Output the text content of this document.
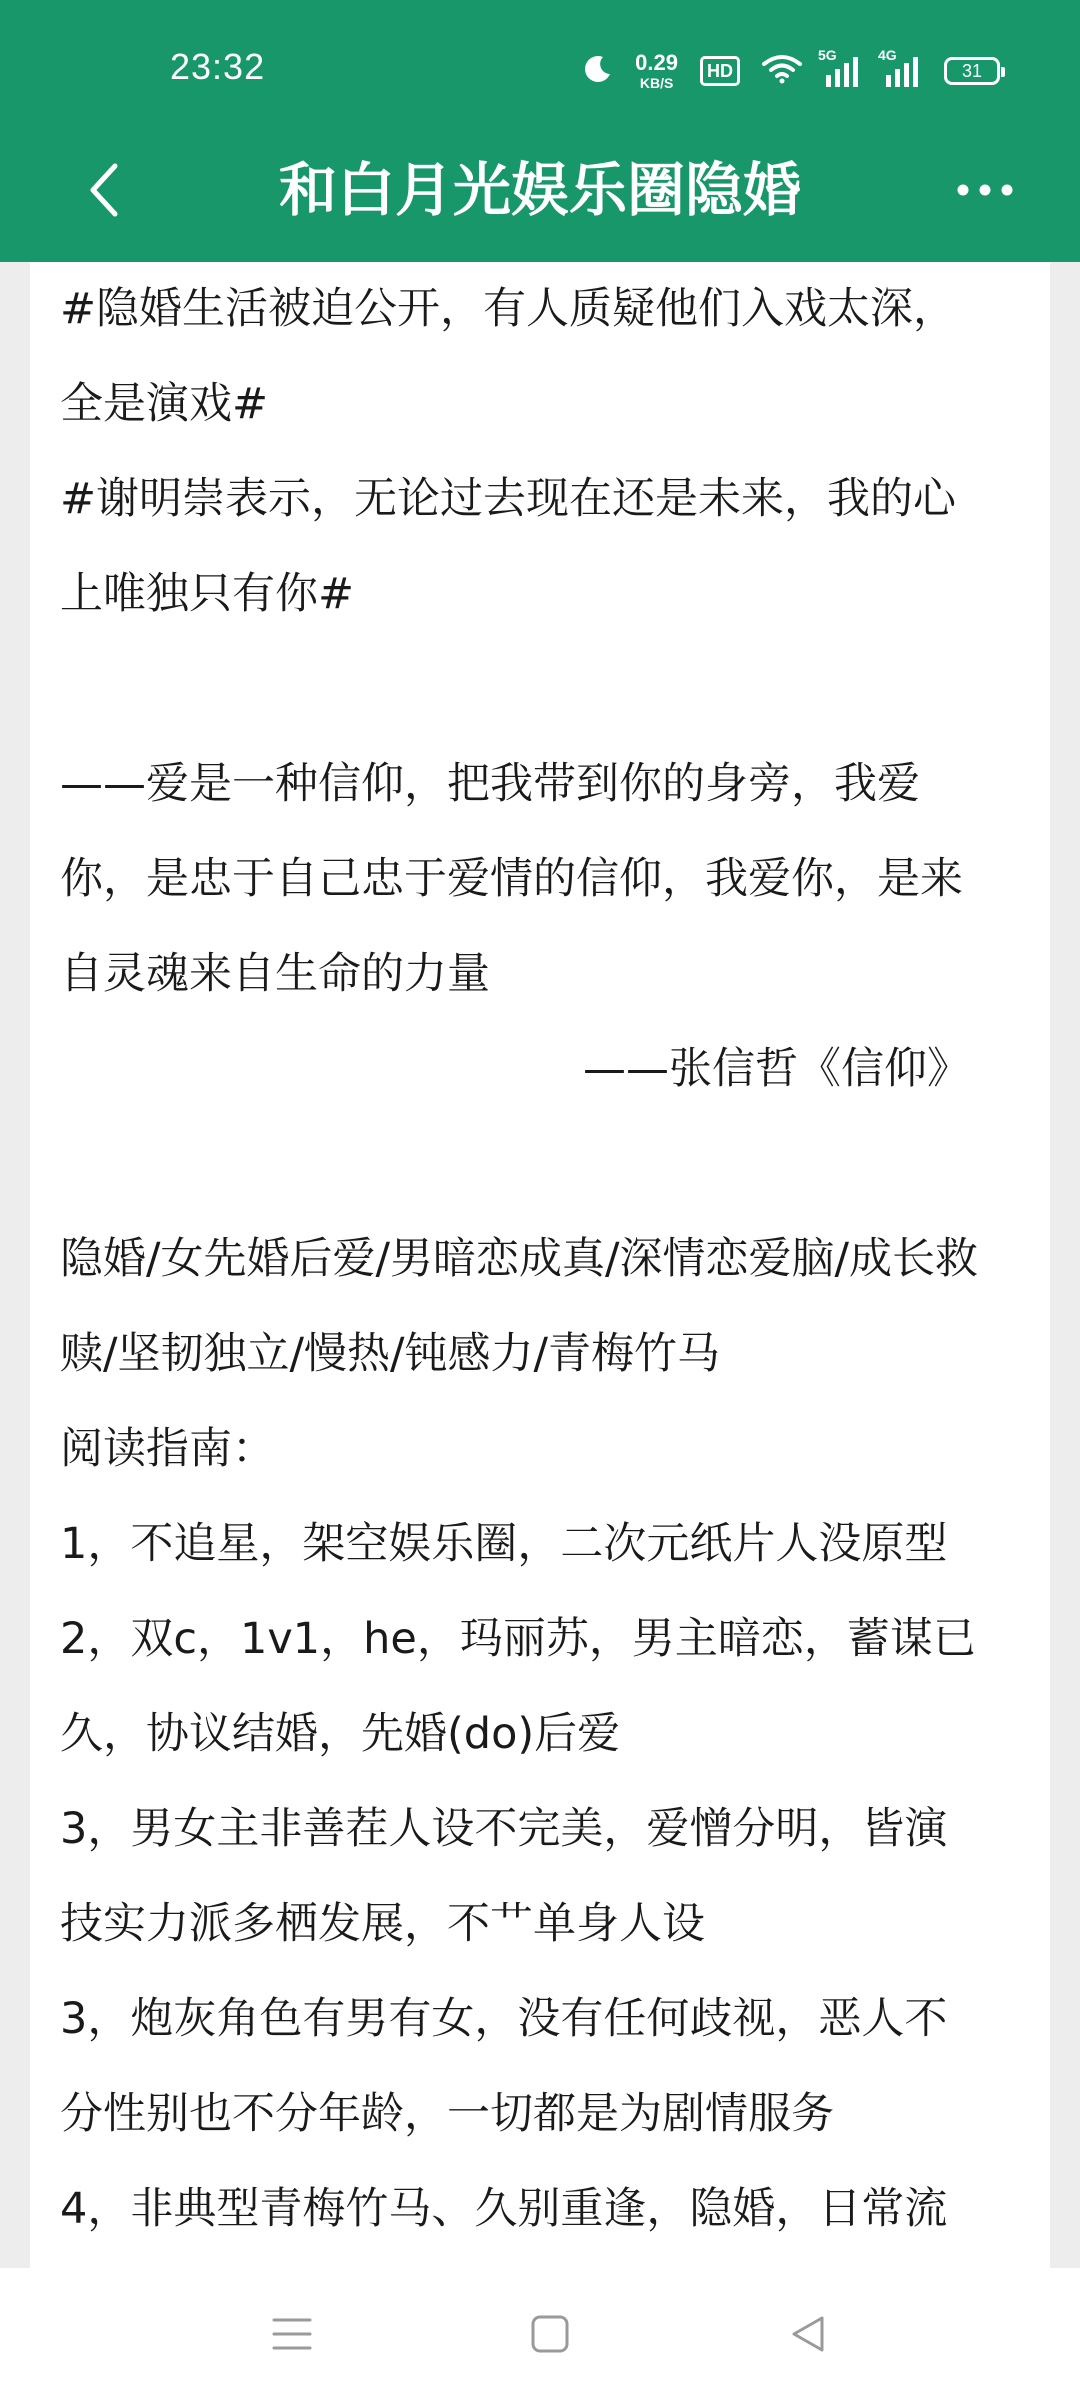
23:32	0.29
KB/S
HD
5G	4G
31
和白月光娱乐圈隐婚
#隐婚生活被迫公开，有人质疑他们入戏太深，
全是演戏#
#谢明崇表示，无论过去现在还是未来，我的心
上唯独只有你#
——爱是一种信仰，把我带到你的身旁，我爱
你，是忠于自己忠于爱情的信仰，我爱你，是来
自灵魂来自生命的力量
——张信哲《信仰》
隐婚/女先婚后爱/男暗恋成真/深情恋爱脑/成长救
赎/坚韧独立/慢热/钝感力/青梅竹马
阅读指南：
1，不追星，架空娱乐圈，二次元纸片人没原型
2，双c，1v1，he，玛丽苏，男主暗恋，蓄谋已
久，协议结婚，先婚(do)后爱
3，男女主非善茬人设不完美，爱憎分明，皆演
技实力派多栖发展，不艹单身人设
3，炮灰角色有男有女，没有任何歧视，恶人不
分性别也不分年龄，一切都是为剧情服务
4，非典型青梅竹马、久别重逢，隐婚，日常流
